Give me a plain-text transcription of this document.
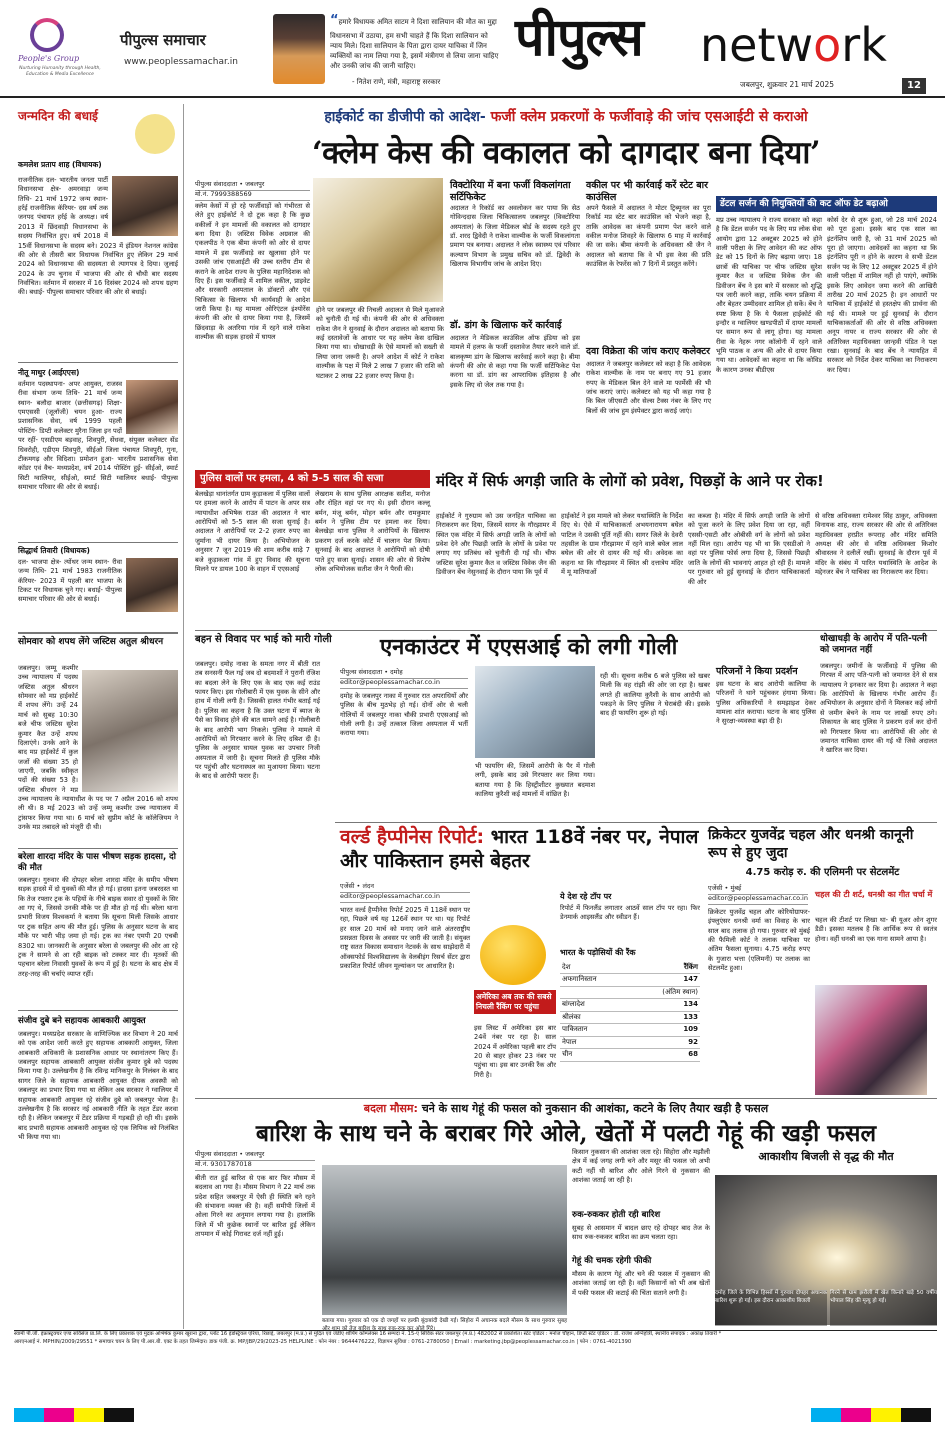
People's Group
Nurturing Humanity through Health, Education & Media Excellence
पीपुल्स समाचार
www.peoplessamachar.in
“हमारे विधायक अमित साटम ने दिशा सालियान की मौत का मुद्दा विधानसभा में उठाया, हम सभी चाहते हैं कि दिशा सालियान को न्याय मिले। दिशा सालियान के पिता द्वारा दायर याचिका में जिन व्यक्तियों का नाम लिया गया है, इसमें मंत्रीगण से लिया जाना चाहिए और उनकी जांच की जानी चाहिए।
- नितेश राणे, मंत्री, महाराष्ट्र सरकार
पीपुल्स network
जबलपुर, शुक्रवार 21 मार्च 2025	12
जन्मदिन की बधाई
कमलेश प्रताप शाह (विधायक)
राजनीतिक दल- भारतीय जनता पार्टी विधानसभा क्षेत्र- अमरवाड़ा जन्म तिथि- 21 मार्च 1972 जन्म स्थान- हर्रई राजनीतिक कॅरियर- दस वर्ष तक जनपद पंचायत हर्रई के अध्यक्ष। वर्ष 2013 में छिंदवाड़ी विधानसभा के सदस्य निर्वाचित हुए। वर्ष 2018 में 15वीं विधानसभा के सदस्य बने। 2023 में इंडियन नेशनल कांग्रेस की ओर से तीसरी बार विधायक निर्वाचित हुए लेकिन 29 मार्च 2024 को विधानसभा की सदस्यता से त्यागपत्र दे दिया। जुलाई 2024 के उप चुनाव में भाजपा की ओर से चौथी बार सदस्य निर्वाचित। वर्तमान में सरकार में 16 दिसंबर 2024 को शपथ ग्रहण की। बधाई- पीपुल्स समाचार परिवार की ओर से बधाई।
नीतू माथुर (आईएएस)
वर्तमान पदस्थापना- अपर आयुक्त, राजस्व रीवा संभाग जन्म तिथि- 21 मार्च जन्म स्थान- बलौदा बाजार (छत्तीसगढ़) शिक्षा- एमएससी (जूलॉजी) चयन हुआ- राज्य प्रशासनिक सेवा, वर्ष 1999 पहली पोस्टिंग- डिप्टी कलेक्टर मुरैना जिला इन पदों पर रहीं- एसडीएम बड़वाह, शिवपुरी, सेंधवा, संयुक्त कलेक्टर सेंड धिवरोही, एडीएम शिवपुरी, सीईओ जिला पंचायत शिवपुरी, गुना, टीकमगढ़ और विदिशा। प्रमोशन हुआ- भारतीय प्रशासनिक सेवा कॉडर एवं वैच- मध्यप्रदेश, वर्ष 2014 पोस्टिंग हुई- सीईओ, स्मार्ट सिटी ग्वालियर, सीईओ, स्मार्ट सिटी ग्वालियर बधाई- पीपुल्स समाचार परिवार की ओर से बधाई।
सिद्धार्थ तिवारी (विधायक)
दल- भाजपा क्षेत्र- त्योंथर जन्म स्थान- रीवा जन्म तिथि- 21 मार्च 1983 राजनीतिक कॅरियर- 2023 में पहली बार भाजपा के टिकट पर विधायक चुने गए। बधाई- पीपुल्स समाचार परिवार की ओर से बधाई।
सोमवार को शपथ लेंगे जस्टिस अतुल श्रीधरन
जबलपुर। जम्मू कश्मीर उच्च न्यायालय में पदस्थ जस्टिस अतुल श्रीधरन सोमवार को मप्र हाईकोर्ट में शपथ लेंगे। उन्हें 24 मार्च को सुबह 10:30 बजे चीफ जस्टिस सुरेश कुमार कैत उन्हें शपथ दिलाएंगे। उनके आने के बाद मप्र हाईकोर्ट में कुल जजों की संख्या 35 हो जाएगी, जबकि स्वीकृत पदों की संख्या 53 है। जस्टिस श्रीधरन ने मप्र उच्च न्यायालय के न्यायाधीश के पद पर 7 अप्रैल 2016 को शपथ ली थी। 8 मई 2023 को उन्हें जम्मू कश्मीर उच्च न्यायालय में ट्रांसफर किया गया था। 6 मार्च को सुप्रीम कोर्ट के कॉलेजियम ने उनके मप्र तबादले को मंजूरी दी थी।
बरेला शारदा मंदिर के पास भीषण सड़क हादसा, दो की मौत
जबलपुर। गुरुवार की दोपहर बरेला शारदा मंदिर के समीप भीषण सड़क हादसे में दो युवकों की मौत हो गई। हादसा इतना जबरदस्त था कि तेज रफ्तार ट्रक के पहियों के नीचे बाइक सवार दो युवकों के सिर आ गए थे, जिससे उनकी मौके पर ही मौत हो गई थी। बरेला थाना प्रभारी विजय विश्वकर्मा ने बताया कि सूचना मिली जिसके आधार पर ट्रक सहित अन्य की मौत हुई। पुलिस के अनुसार घटना के बाद मौके पर भारी भीड़ जमा हो गई। ट्रक का नंबर एमपी 20 एचबी 8302 था। जानकारी के अनुसार बरेला से जबलपुर की ओर आ रहे ट्रक ने सामने से आ रही बाइक को टक्कर मार दी। मृतकों की पहचान बरेला निवासी युवकों के रूप में हुई है। घटना के बाद क्षेत्र में तरह-तरह की चर्चाएं व्याप्त रहीं।
संजीव दुबे बने सहायक आबकारी आयुक्त
जबलपुर। मध्यप्रदेश सरकार के वाणिज्यिक कर विभाग ने 20 मार्च को एक आदेश जारी करते हुए सहायक आबकारी आयुक्त, जिला आबकारी अधिकारी के प्रशासनिक आधार पर स्थानांतरण किए हैं। जबलपुर सहायक आबकारी आयुक्त संजीव कुमार दुबे को पदस्थ किया गया है। उल्लेखनीय है कि रविन्द्र मानिकपुर के निलंबन के बाद सागर जिले के सहायक आबकारी आयुक्त दीपक अवस्थी को जबलपुर का प्रभार दिया गया था लेकिन अब सरकार ने ग्वालियर में सहायक आबकारी आयुक्त रहे संजीव दुबे को जबलपुर भेजा है। उल्लेखनीय है कि सरकार नई आबकारी नीति के तहत टेंडर करवा रही है। लेकिन जबलपुर में टेंडर प्रक्रिया में गड़बड़ी हो रही थी। इसके बाद प्रभारी सहायक आबकारी आयुक्त रहे एक लिपिक को निलंबित भी किया गया था।
हाईकोर्ट का डीजीपी को आदेश- फर्जी क्लेम प्रकरणों के फर्जीवाड़े की जांच एसआईटी से कराओ
‘क्लेम केस की वकालत को दागदार बना दिया’
पीपुल्स संवाददाता • जबलपुर
मो.नं. 7999388569
क्लेम केसों में हो रहे फर्जीवाड़ों को गंभीरता से लेते हुए हाईकोर्ट ने दो टूक कहा है कि कुछ वकीलों ने इन मामलों की वकालत को दागदार बना दिया है। जस्टिस विवेक अग्रवाल की एकलपीठ ने एक बीमा कंपनी को ओर से दायर मामले में इस फर्जीवाड़े का खुलासा होने पर उसकी जांच एसआईटी की उच्च स्तरीय टीम से कराने के आदेश राज्य के पुलिस महानिदेशक को दिए हैं। इस फर्जीवाड़े में शामिल वकील, प्राइवेट और सरकारी अस्पताल के डॉक्टरों और एवं चिकित्सा के खिलाफ भी कार्यवाही के आदेश जारी किया है। यह मामला ओरिएंटल इंश्योरेंस कंपनी की ओर से दायर किया गया है, जिसमें छिंदवाड़ा के अतरिया गांव में रहने वाले राकेश वाल्मीक की सड़क हादसे में घायल
होने पर जबलपुर की निचली अदालत से मिले मुआवजे को चुनौती दी गई थी। कंपनी की ओर से अधिवक्ता राकेश जैन ने सुनवाई के दौरान अदालत को बताया कि कई दस्तावेजों के आधार पर यह क्लेम केस दाखिल किया गया था। धोखाधड़ी के ऐसे मामलों को सख्ती से लिया जाना जरूरी है। अपने आदेश में कोर्ट ने राकेश वाल्मीक के पक्ष में मिले 2 लाख 7 हजार की राशि को घटाकर 2 लाख 22 हजार रुपए किया है।
विक्टोरिया में बना फर्जी विकलांगता सर्टिफिकेट
अदालत ने रिकॉर्ड का अवलोकन कर पाया कि सेठ गोविन्ददास जिला चिकित्सालय जबलपुर (विक्टोरिया अस्पताल) के जिला मेडिकल बोर्ड के सदस्य रहते हुए डॉ. शरद द्विवेदी ने राकेश वाल्मीक के फर्जी विकलांगता प्रमाण पत्र बनाया। अदालत ने लोक स्वास्थ्य एवं परिवार कल्याण विभाग के प्रमुख सचिव को डॉ. द्विवेदी के खिलाफ विभागीय जांच के आदेश दिए।
डॉ. डांग के खिलाफ करें कार्रवाई
अदालत ने मेडिकल काउंसिल ऑफ इंडिया को इस मामले में हलफ के फर्जी दस्तावेज तैयार करने वाले डॉ. बालकृष्ण डांग के खिलाफ कार्रवाई करने कहा है। बीमा कंपनी की ओर से कहा गया कि फर्जी सर्टिफिकेट पेश करना था डॉ. डांग का आपराधिक इतिहास है और इसके लिए वो जेल तक गया है।
वकील पर भी कार्रवाई करें स्टेट बार काउंसिल
अपने फैसले में अदालत ने मोटर ट्रिब्यूनल का पूरा रिकॉर्ड मप्र स्टेट बार काउंसिल को भेजने कहा है, ताकि आवेदक का कंपनी प्रमाण पेश करने वाले वकील मनोज शिवहरे के खिलाफ 6 माह में कार्रवाई की जा सके। बीमा कंपनी के अधिवक्ता श्री जैन ने अदालत को बताया कि वे भी इस केस की प्रति काउंसिल के रेफरेंस को 7 दिनों में प्रस्तुत करेंगे।
दवा विक्रेता की जांच कराए कलेक्टर
अदालत ने जबलपुर कलेक्टर को कहा है कि आवेदक राकेश वाल्मीक के नाम पर बनाए गए 91 हजार रुपए के मेडिकल बिल देने वाले मा फार्मेसी की भी जांच कराएं जाएं। कलेक्टर को यह भी कहा गया है कि बिल जीएसटी और सेल्स टैक्स नंबर के लिए गए बिलों की जांच हुम इंस्पेक्टर द्वारा कराई जाएं।
डेंटल सर्जन की नियुक्तियों की कट ऑफ डेट बढ़ाओ
मप्र उच्च न्यायालय ने राज्य सरकार को कहा है कि डेंटल सर्जन पद के लिए मप्र लोक सेवा आयोग द्वारा 12 अक्टूबर 2025 को होने वाली परीक्षा के लिए आवेदन की कट ऑफ डेट को 15 दिनों के लिए बढ़ाया जाए। 18 छात्रों की याचिका पर चीफ जस्टिस सुरेश कुमार कैत व जस्टिस विवेक जैन की डिवीजन बेंच ने इस बारे में सरकार को शुद्धि पत्र जारी करने कहा, ताकि चयन प्रक्रिया में और बेहतर उम्मीदवार शामिल हो सकें। बेंच ने स्पष्ट किया है कि ये फैसला हाईकोर्ट की इन्दौर व ग्वालियर खण्डपीठों में दायर मामलों पर समान रूप से लागू होगा। यह मामला रीवा के नेहरू नगर कॉलोनी में रहने वाले भूमि पाठक व अन्य की ओर से दायर किया गया था। आवेदकों का कहना था कि कोविड के कारण उनका बीडीएस
कोर्स देर से शुरू हुआ, जो 28 मार्च 2024 को पूरा हुआ। इसके बाद एक साल का इंटर्नशिप जारी है, जो 31 मार्च 2025 को पूरा हो जाएगा। आवेदकों का कहना था कि इंटर्नशिप पूरी न होने के कारण वे सभी डेंटल सर्जन पद के लिए 12 अक्टूबर 2025 में होने वाली परीक्षा में शामिल नहीं हो पाएंगे, क्योंकि इसके लिए आवेदन जमा करने की आखिरी तारीख 20 मार्च 2025 है। इन आधारों पर याचिका में हाईकोर्ट से हस्तक्षेप की प्रार्थना की गई थी। मामले पर हुई सुनवाई के दौरान याचिकाकर्ताओं की ओर से वरिष्ठ अधिवक्ता अनूप नायर व राज्य सरकार की ओर से अतिरिक्त महाधिवक्ता जान्हवी पंडित ने पक्ष रखा। सुनवाई के बाद बेंच ने न्यायहित में सरकार को निर्देश देकर याचिका का निराकरण कर दिया।
पुलिस वालों पर हमला, 4 को 5-5 साल की सजा
बेलखेड़ा थानांतर्गत ग्राम कुड़ाकला में पुलिस वालों पर हमला करने के आरोप में पाटन के अपर सत्र न्यायाधीश अभिषेक राउत की अदालत ने चार आरोपियों को 5-5 साल की सजा सुनाई है। अदालत ने आरोपियों पर 2-2 हजार रुपए का जुर्माना भी दायर किया है। अभियोजन के अनुसार 7 जून 2019 की शाम करीब साढ़े 7 बजे कुड़ाकला गांव में हुए विवाद की सूचना मिलने पर डायल 100 के वाहन में एएसआई
लेखराम के साथ पुलिस आरक्षक सतीश, मनोज और रोहित वहां पर गए थे। इसी दौरान कल्लू बर्मन, मंजू बर्मन, मोहन बर्मन और रामकुमार बर्मन ने पुलिस टीम पर हमला कर दिया। बेलखेड़ा थाना पुलिस ने आरोपियों के खिलाफ प्रकरण दर्ज करके कोर्ट में चालान पेश किया। सुनवाई के बाद अदालत ने आरोपियों को दोषी पाते हुए सजा सुनाई। शासन की ओर से विशेष लोक अभियोजक सतीश जैन ने पैरवी की।
मंदिर में सिर्फ अगड़ी जाति के लोगों को प्रवेश, पिछड़ों के आने पर रोक!
हाईकोर्ट ने गुरुग्राम को उस जनहित याचिका का निराकरण कर दिया, जिसमें सागर के गौरझामर में स्थित एक मंदिर में सिर्फ अगड़ी जाति के लोगों को प्रवेश देने और पिछड़ी जाति के लोगों के प्रवेश पर लगाए गए प्रतिबंध को चुनौती दी गई थी। चीफ जस्टिस सुरेश कुमार कैत व जस्टिस विवेक जैन की डिवीजन बेंच नेसुनवाई के दौरान पाया कि पूर्व में
हाईकोर्ट ने इस मामले को लेकर यथास्थिति के निर्देश दिए थे। ऐसे में याचिकाकर्ता अभयनारायण बघेल पाटिल ने उसकी पूर्ति नहीं की। सागर जिले के देवरी तहसील के ग्राम गौरझामर में रहने वाले बघेल लाल बघेल की ओर से दायर की गई थी। अवेदक का कहना था कि गौरझामर में स्थित श्री दत्तात्रेय मंदिर में मू मातियाओं
का कब्जा है। मंदिर में सिर्फ अगड़ी जाति के लोगों को पूजा करने के लिए प्रवेश दिया जा रहा, वहीं एससी-एसटी और ओबीसी वर्ग के लोगों को प्रवेश नहीं मिल रहा। आरोप यह भी था कि एसडीओ ने वहां पर पुलिस फोर्स लगा दिया है, जिससे पिछड़ी जाति के लोगों की भावनाएं आहत हो रही हैं। मामले पर गुरुवार को हुई सुनवाई के दौरान याचिकाकर्ता की ओर
से वरिष्ठ अधिवक्ता रामेश्वर सिंह ठाकुर, अधिवक्ता विनायक शाह, राज्य सरकार की ओर से अतिरिक्त महाधिवक्ता हरप्रीत रूपराह और मंदिर समिति अध्यक्ष की ओर से वरिष्ठ अधिवक्ता किशोर श्रीवास्तव ने दलीलें रखीं। सुनवाई के दौरान पूर्व में मंदिर के संबंध में पारित यथास्थिति के आदेश के मद्देनजर बेंच ने याचिका का निराकरण कर दिया।
बहन से विवाद पर भाई को मारी गोली
जबलपुर। दमोह नाका के समता नगर में बीती रात तब सनसनी फैल गई जब दो बदमाशों ने पुरानी रंजिश का बदला लेने के लिए एक के बाद एक कई राउंड फायर किए। इस गोलीबारी में एक युवक के सीने और हाथ में गोली लगी है। जिसकी हालत गंभीर बताई गई है। पुलिस का कहना है कि उक्त घटना में ब्याज के पैसे का विवाद होने की बात सामने आई है। गोलीबारी के बाद आरोपी भाग निकले। पुलिस ने मामले में आरोपियों को गिरफ्तार करने के लिए दबिश दी है। पुलिस के अनुसार घायल युवक का उपचार निजी अस्पताल में जारी है। सूचना मिलते ही पुलिस मौके पर पहुंची और घटनास्थल का मुआयना किया। घटना के बाद से आरोपी फरार हैं।
एनकाउंटर में एएसआई को लगी गोली
पीपुल्स संवाददाता • दमोह
editor@peoplessamachar.co.in
दमोह के जबलपुर नाका में गुरुवार रात अपराधियों और पुलिस के बीच मुठभेड़ हो गई। दोनों ओर से चली गोलियों में जबलपुर नाका चौकी प्रभारी एएसआई को गोली लगी है। उन्हें तत्काल जिला अस्पताल में भर्ती कराया गया।
भी फायरिंग की, जिसमें आरोपी के पैर में गोली लगी, इसके बाद उसे गिरफ्तार कर लिया गया। बताया गया है कि हिस्ट्रीशीटर कुख्यात बदमाश कालिया कुरैशी कई मामलों में वांछित है।
रही थी। सूचना करीब 6 बजे पुलिस को खबर मिली कि वह रांझी की ओर जा रहा है। खबर लगते ही कालिया कुरैशी के साथ आरोपी को पकड़ने के लिए पुलिस ने घेराबंदी की। इसके बाद ही फायरिंग शुरू हो गई।
परिजनों ने किया प्रदर्शन
इस घटना के बाद आरोपी कालिया के परिजनों ने थाने पहुंचकर हंगामा किया। पुलिस अधिकारियों ने समझाइश देकर मामला शांत कराया। घटना के बाद पुलिस ने सुरक्षा-व्यवस्था बढ़ा दी है।
धोखाधड़ी के आरोप में पति-पत्नी को जमानत नहीं
जबलपुर। जमीनों के फर्जीवाड़े में पुलिस की गिरफ्त में आए पति-पत्नी को जमानत देने से सत्र न्यायालय ने इनकार कर दिया है। अदालत ने कहा कि आरोपियों के खिलाफ गंभीर आरोप हैं। अभियोजन के अनुसार दोनों ने मिलकर कई लोगों से जमीन बेचने के नाम पर लाखों रुपए ठगे। शिकायत के बाद पुलिस ने प्रकरण दर्ज कर दोनों को गिरफ्तार किया था। आरोपियों की ओर से जमानत याचिका दायर की गई थी जिसे अदालत ने खारिज कर दिया।
वर्ल्ड हैप्पीनेस रिपोर्ट: भारत 118वें नंबर पर, नेपाल और पाकिस्तान हमसे बेहतर
एजेंसी • लंदन
editor@peoplessamachar.co.in
भारत वर्ल्ड हैप्पीनेस रिपोर्ट 2025 में 118वें स्थान पर रहा, पिछले वर्ष यह 126वें स्थान पर था। यह रिपोर्ट हर साल 20 मार्च को मनाए जाने वाले अंतरराष्ट्रीय प्रसन्नता दिवस के अवसर पर जारी की जाती है। संयुक्त राष्ट्र सतत विकास समाधान नेटवर्क के साथ साझेदारी में ऑक्सफोर्ड विश्वविद्यालय के वेलबीइंग रिसर्च सेंटर द्वारा प्रकाशित रिपोर्ट जीवन मूल्यांकन पर आधारित है।
ये देश रहे टॉप पर
रिपोर्ट में फिनलैंड लगातार आठवें साल टॉप पर रहा। फिर डेनमार्क आइसलैंड और स्वीडन हैं।
भारत के पड़ोसियों की रैंक
देश	रैंकिंग
अफगानिस्तान	147
(अंतिम स्थान)
बांग्लादेश	134
श्रीलंका	133
पाकिस्तान	109
नेपाल	92
चीन	68
अमेरिका अब तक की सबसे निचली रैंकिंग पर पहुंचा
इस लिस्ट में अमेरिका इस बार 24वें नंबर पर रहा है। साल 2024 में अमेरिका पहली बार टॉप 20 से बाहर होकर 23 नंबर पर पहुंचा था। इस बार उनकी रैंक और गिरी है।
क्रिकेटर युजवेंद्र चहल और धनश्री कानूनी रूप से हुए जुदा
4.75 करोड़ रु. की एलिमनी पर सेटलमेंट
एजेंसी • मुंबई
editor@peoplessamachar.co.in
क्रिकेटर युजवेंद्र चहल और कोरियोग्राफर-इंफ्लुएंसर धनश्री वर्मा का विवाह के चार साल बाद तलाक हो गया। गुरुवार को मुंबई की फैमिली कोर्ट ने तलाक याचिका पर अंतिम फैसला सुनाया। 4.75 करोड़ रुपए के गुजारा भत्ता (एलिमनी) पर तलाक का सेटलमेंट हुआ।
चहल की टी शर्ट, धनश्री का गीत चर्चा में
चहल की टीशर्ट पर लिखा था- बी यूअर ओन शुगर डैडी। इसका मतलब है कि आर्थिक रूप से स्वतंत्र होना। वहीं धनश्री का एक गाना सामने आया है।
बदला मौसम: चने के साथ गेहूं की फसल को नुकसान की आशंका, कटने के लिए तैयार खड़ी है फसल
बारिश के साथ चने के बराबर गिरे ओले, खेतों में पलटी गेहूं की खड़ी फसल
पीपुल्स संवाददाता • जबलपुर
मो.नं. 9301787018
बीती रात हुई बारिश से एक बार फिर मौसम में बदलाव आ गया है। मौसम विभाग ने 22 मार्च तक प्रदेश सहित जबलपुर में ऐसी ही स्थिति बने रहने की संभावना व्यक्त की है। वहीं समीपी जिलों में ओला गिरने का अनुमान लगाया गया है। हालांकि जिले में भी कुछेक स्थानों पर बारिश हुई लेकिन तापमान में कोई गिरावट दर्ज नहीं हुई।
किसान नुकसान की आशंका जता रहे। सिहोरा और मझौली क्षेत्र में कई जगह लगी चने और मसूर की फसल जो अभी कटी नहीं थी बारिश और ओले गिरने से नुकसान की आशंका जताई जा रही है।
रुक-रुककर होती रही बारिश
सुबह से आसमान में बादल छाए रहे दोपहर बाद तेज के साथ रुक-रुककर बारिश का क्रम चलता रहा।
गेहूं की चमक रहेगी फीकी
मौसम के कारण गेहूं और चने की फसल में नुकसान की आशंका जताई जा रही है। वहीं किसानों को भी अब खेतों में पकी फसल की कटाई की चिंता सताने लगी है।
आकाशीय बिजली से वृद्ध की मौत
स्वामी पी.जी. इंफ्रास्ट्रक्चर एण्ड सर्विसेज प्रा.लि. के लिए प्रकाशक एवं मुद्रक अभिषेक कुमार खुराना द्वारा, प्लॉट 16 इंडस्ट्रियल एरिया, रिछाई, जबलपुर (म.प्र.) से मुद्रित एवं जेडीए शॉपिंग कॉम्प्लेक्स 16 सम्पदा नं. 15-ए सिविक सेंटर जबलपुर (म.प्र.) 482002 से प्रकाशित। स्टेट एडिटर : मनोज चौहान, डिप्टी स्टेट एडिटर : डॉ. राजेश अग्निहोत्री, स्थानीय संपादक : अकांक्ष तिवारी *
आरएनआई नं. MPHIN/2009/29551 * समाचार चयन के लिए पी.आर.बी. एक्ट के तहत जिम्मेदार। डाक पंजी. क्र. MP/JBP/29/2023-25 HELPLINE : फोन नंबर : 9644476222, विज्ञापन सुविधा : 0761-2780050 | Email : marketing.jbp@peoplessamachar.co.in | फोन : 0761-4021390
बताया गया। गुरुवार को एक दो जगहों पर हल्की बूंदाबांदी देखी गई। सिहोरा में अचानक बदले मौसम के साथ गुरुवार सुबह और शाम को तेज बारिश के साथ रुक-रुक कर ओले गिरे।
दमोह जिले के विभिन्न हिस्सों में गुरुवार दोपहर अचानक बारिश शुरू हो गई। इस दौरान आकाशीय बिजली
गिरने से ग्राम झरौली में खेत किनारे खड़े 50 वर्षीय भोपाल सिंह की मृत्यु हो गई।
